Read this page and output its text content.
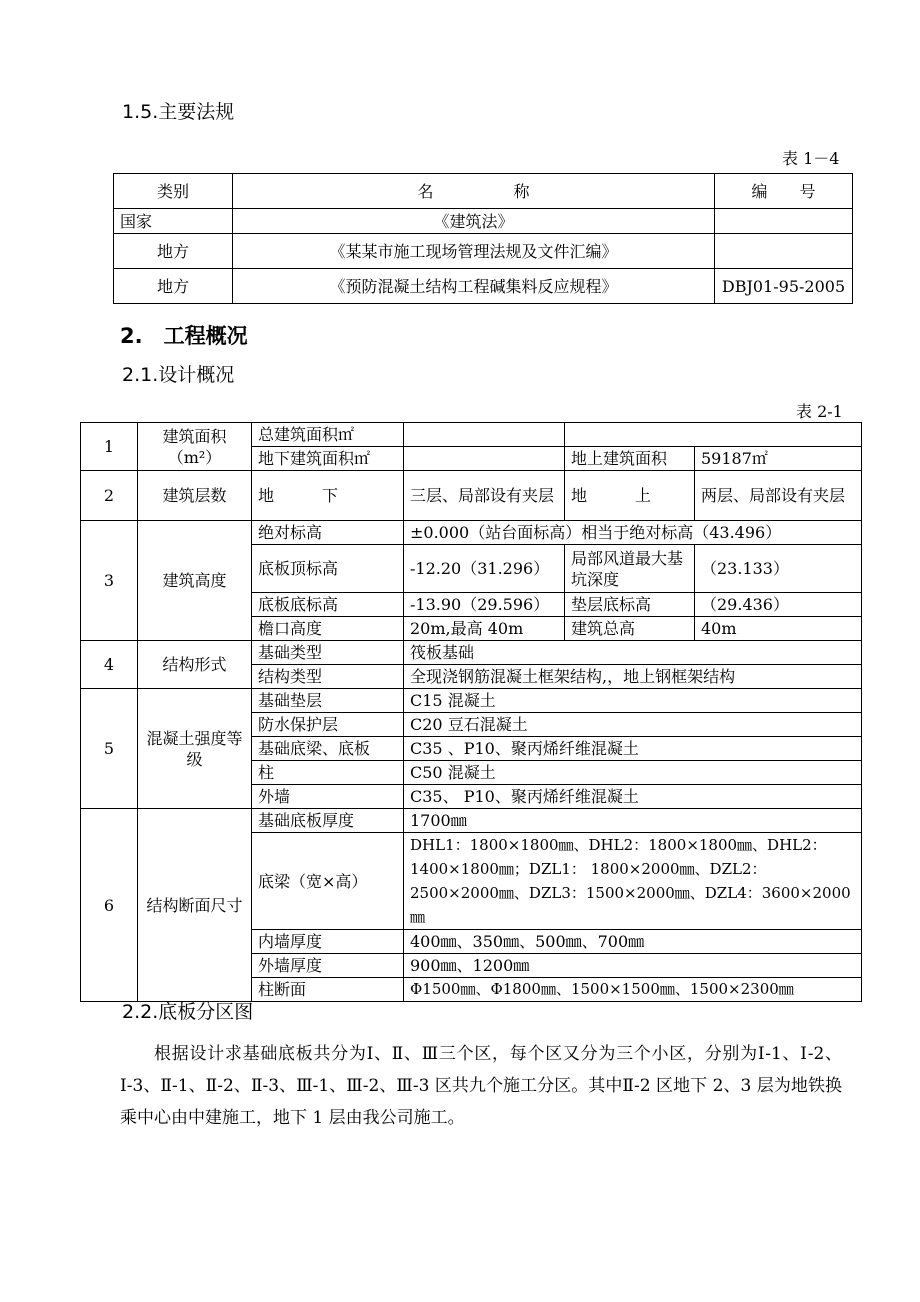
1.5.主要法规
表 1－4
类别	名　　　　　称	编　　号
国家	《建筑法》	
地方	《某某市施工现场管理法规及文件汇编》	
地方	《预防混凝土结构工程碱集料反应规程》	DBJ01-95-2005
2.　工程概况
2.1.设计概况
表 2-1
1	建筑面积（m²）	总建筑面积㎡			
		地下建筑面积㎡		地上建筑面积	59187㎡
2	建筑层数	地　　　下	三层、局部设有夹层	地　　　上	两层、局部设有夹层
3	建筑高度	绝对标高	±0.000（站台面标高）相当于绝对标高（43.496）		
		底板顶标高	-12.20（31.296）	局部风道最大基坑深度	（23.133）
		底板底标高	-13.90（29.596）	垫层底标高	（29.436）
		檐口高度	20m,最高 40m	建筑总高	40m
4	结构形式	基础类型	筏板基础		
		结构类型	全现浇钢筋混凝土框架结构,，地上钢框架结构		
5	混凝土强度等级	基础垫层	C15 混凝土		
		防水保护层	C20 豆石混凝土		
		基础底梁、底板	C35 、P10、聚丙烯纤维混凝土		
		柱	C50 混凝土		
		外墙	C35、 P10、聚丙烯纤维混凝土		
6	结构断面尺寸	基础底板厚度	1700㎜		
		底梁（宽×高）	DHL1：1800×1800㎜、DHL2：1800×1800㎜、DHL2：1400×1800㎜；DZL1： 1800×2000㎜、DZL2： 2500×2000㎜、DZL3：1500×2000㎜、DZL4：3600×2000㎜		
		内墙厚度	400㎜、350㎜、500㎜、700㎜		
		外墙厚度	900㎜、1200㎜		
		柱断面	Φ1500㎜、Φ1800㎜、1500×1500㎜、1500×2300㎜		
2.2.底板分区图
根据设计求基础底板共分为Ⅰ、Ⅱ、Ⅲ三个区，每个区又分为三个小区，分别为Ⅰ-1、Ⅰ-2、Ⅰ-3、Ⅱ-1、Ⅱ-2、Ⅱ-3、Ⅲ-1、Ⅲ-2、Ⅲ-3 区共九个施工分区。其中Ⅱ-2 区地下 2、3 层为地铁换乘中心由中建施工，地下 1 层由我公司施工。
